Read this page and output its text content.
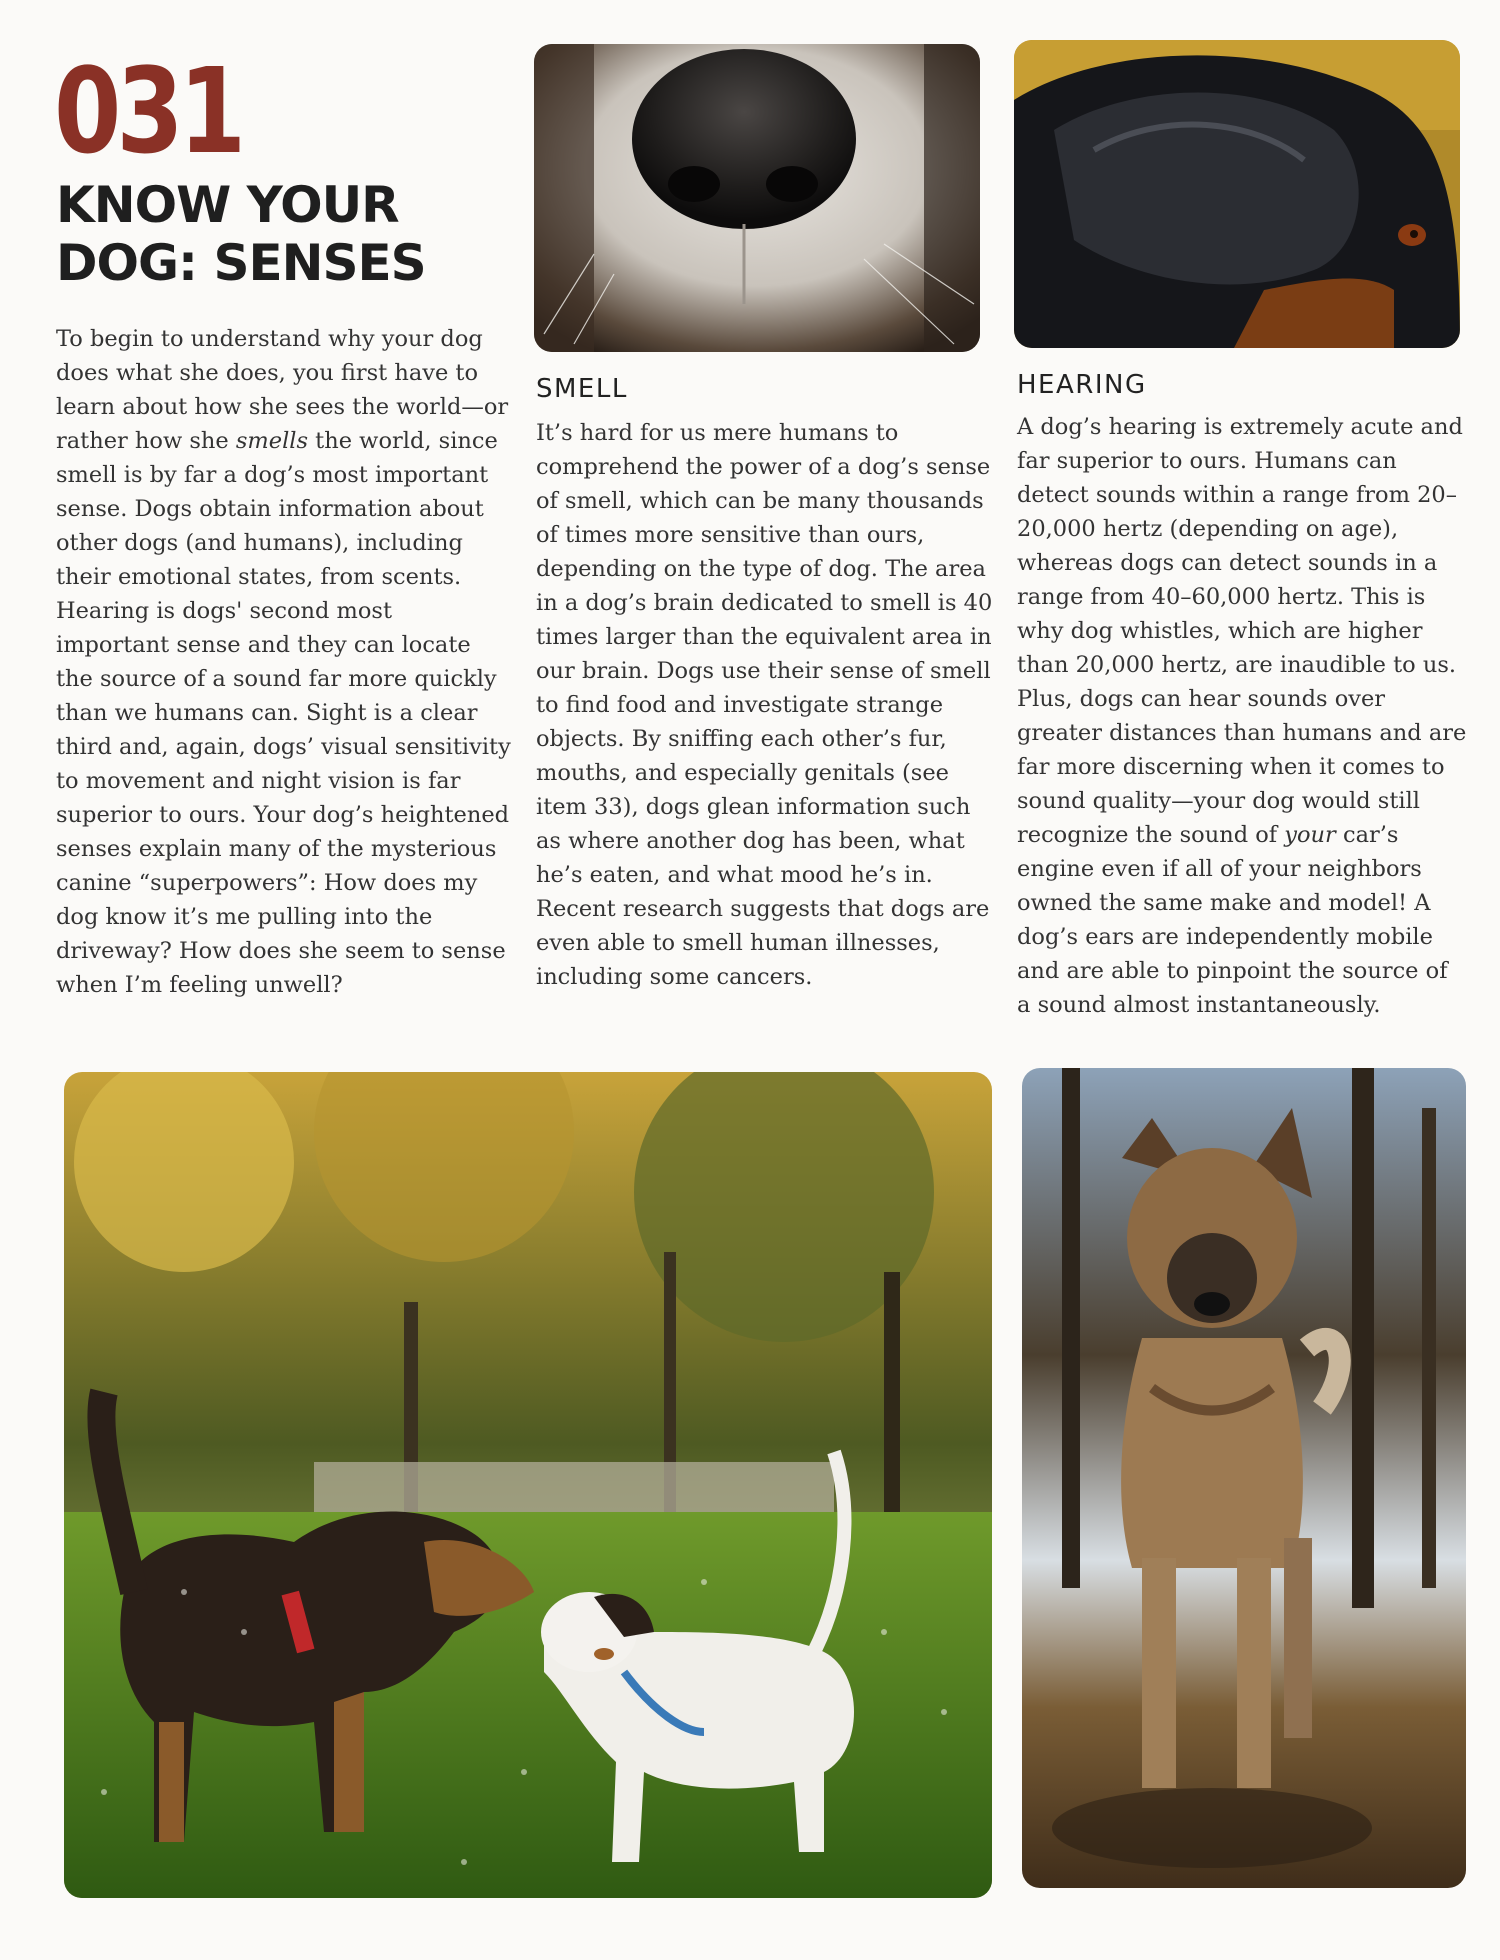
031
KNOW YOUR
DOG: SENSES

To begin to understand why your dog does what she does, you first have to learn about how she sees the world—or rather how she smells the world, since smell is by far a dog’s most important sense. Dogs obtain information about other dogs (and humans), including their emotional states, from scents. Hearing is dogs' second most important sense and they can locate the source of a sound far more quickly than we humans can. Sight is a clear third and, again, dogs’ visual sensitivity to movement and night vision is far superior to ours. Your dog’s heightened senses explain many of the mysterious canine “superpowers”: How does my dog know it’s me pulling into the driveway? How does she seem to sense when I’m feeling unwell?

SMELL

It’s hard for us mere humans to comprehend the power of a dog’s sense of smell, which can be many thousands of times more sensitive than ours, depending on the type of dog. The area in a dog’s brain dedicated to smell is 40 times larger than the equivalent area in our brain. Dogs use their sense of smell to find food and investigate strange objects. By sniffing each other’s fur, mouths, and especially genitals (see item 33), dogs glean information such as where another dog has been, what he’s eaten, and what mood he’s in. Recent research suggests that dogs are even able to smell human illnesses, including some cancers.

HEARING

A dog’s hearing is extremely acute and far superior to ours. Humans can detect sounds within a range from 20–20,000 hertz (depending on age), whereas dogs can detect sounds in a range from 40–60,000 hertz. This is why dog whistles, which are higher than 20,000 hertz, are inaudible to us. Plus, dogs can hear sounds over greater distances than humans and are far more discerning when it comes to sound quality—your dog would still recognize the sound of your car’s engine even if all of your neighbors owned the same make and model! A dog’s ears are independently mobile and are able to pinpoint the source of a sound almost instantaneously.
